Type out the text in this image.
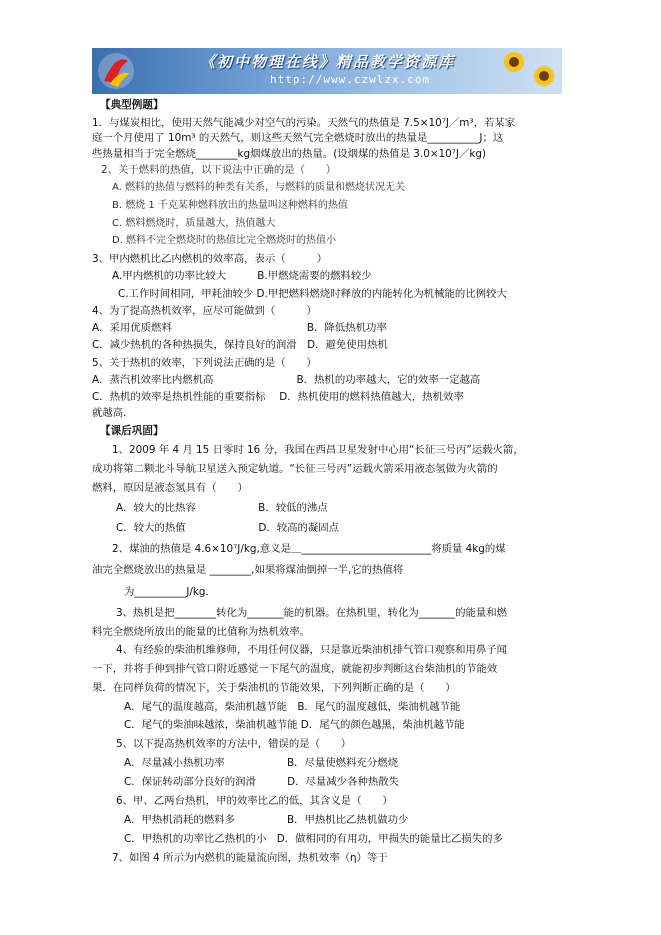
《初中物理在线》精品教学资源库
http://www.czwlzx.com
【典型例题】
1．与煤炭相比，使用天然气能减少对空气的污染。天然气的热值是 7.5×10⁷J／m³，若某家
庭一个月使用了 10m³ 的天然气，则这些天然气完全燃烧时放出的热量是__________J；这
些热量相当于完全燃烧________kg烟煤放出的热量。(设烟煤的热值是 3.0×10⁷J／kg)
2、关于燃料的热值，以下说法中正确的是（　　）
A. 燃料的热值与燃料的种类有关系，与燃料的质量和燃烧状况无关
B. 燃烧 1 千克某种燃料放出的热量叫这种燃料的热值
C. 燃料燃烧时，质量越大，热值越大
D. 燃料不完全燃烧时的热值比完全燃烧时的热值小
3、甲内燃机比乙内燃机的效率高，表示（　　　）
A.甲内燃机的功率比较大　　　B.甲燃烧需要的燃料较少
C.工作时间相同，甲耗油较少 D.甲把燃料燃烧时释放的内能转化为机械能的比例较大
4、为了提高热机效率，应尽可能做到（　　　）
A．采用优质燃料　　　　　　　　　　　　　B．降低热机功率
C．减少热机的各种热损失，保持良好的润滑　D．避免使用热机
5、关于热机的效率，下列说法正确的是（　　）
A．蒸汽机效率比内燃机高　　　　　　　　B．热机的功率越大，它的效率一定越高
C．热机的效率是热机性能的重要指标　 D．热机使用的燃料热值越大，热机效率
就越高．
【课后巩固】
1、2009 年 4 月 15 日零时 16 分，我国在西昌卫星发射中心用“长征三号丙”运载火箭，
成功将第二颗北斗导航卫星送入预定轨道。“长征三号丙”运载火箭采用液态氢做为火箭的
燃料，原因是液态氢具有（　　）
A．较大的比热容　　　　　　B．较低的沸点
C．较大的热值　　　　　　　D．较高的凝固点
2、煤油的热值是 4.6×10⁷J/kg,意义是＿_________________________将质量 4kg的煤
油完全燃烧放出的热量是 ________,如果将煤油倒掉一半,它的热值将
为__________J/kg．
3、热机是把________转化为_______能的机器。在热机里，转化为_______的能量和燃
料完全燃烧所放出的能量的比值称为热机效率。
4、有经验的柴油机维修师，不用任何仪器，只是靠近柴油机排气管口观察和用鼻子闻
一下，并将手伸到排气管口附近感觉一下尾气的温度，就能初步判断这台柴油机的节能效
果．在同样负荷的情况下，关于柴油机的节能效果，下列判断正确的是（　　）
A．尾气的温度越高，柴油机越节能　B．尾气的温度越低，柴油机越节能
C．尾气的柴油味越浓，柴油机越节能 D．尾气的颜色越黑，柴油机越节能
5、以下提高热机效率的方法中，错误的是（　　）
A．尽量减小热机功率　　　　　　B．尽量使燃料充分燃烧
C．保证转动部分良好的润滑　　　D．尽量减少各种热散失
6、甲、乙两台热机，甲的效率比乙的低，其含义是（　　）
A．甲热机消耗的燃料多　　　　　B．甲热机比乙热机做功少
C．甲热机的功率比乙热机的小　D．做相同的有用功，甲损失的能量比乙损失的多
7、如图 4 所示为内燃机的能量流向图，热机效率（η）等于
